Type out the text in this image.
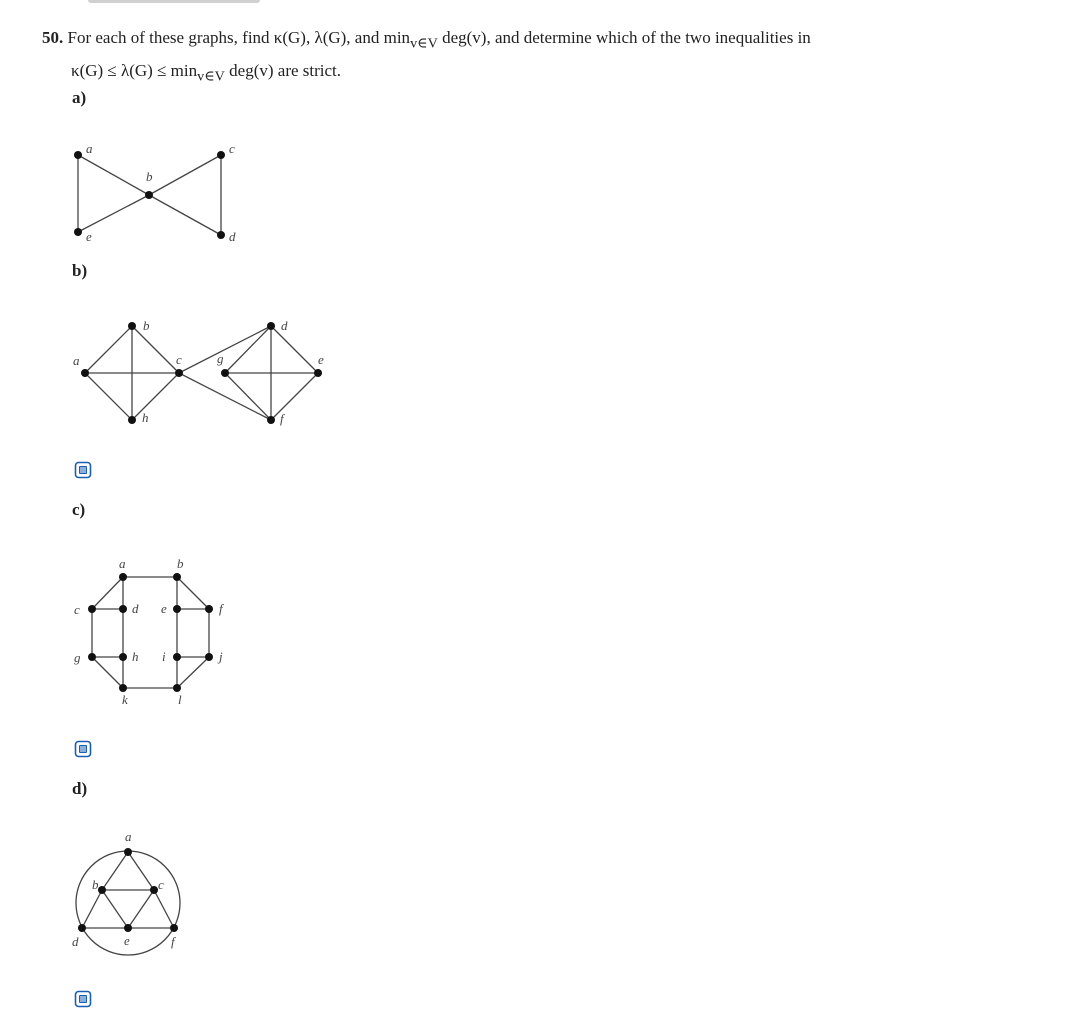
50. For each of these graphs, find κ(G), λ(G), and $\min_{v\in V} deg(v)$, and determine which of the two inequalities in
$\kappa(G) \le \lambda(G) \le \min_{v\in V} deg(v)$ are strict.
a)
a
b
c
d
e
b)
a
b
c
d
e
f
g
h
c)
a	b
c	d e	f
g	h i	j
k	l
d)
a
b	c
d	e	f
